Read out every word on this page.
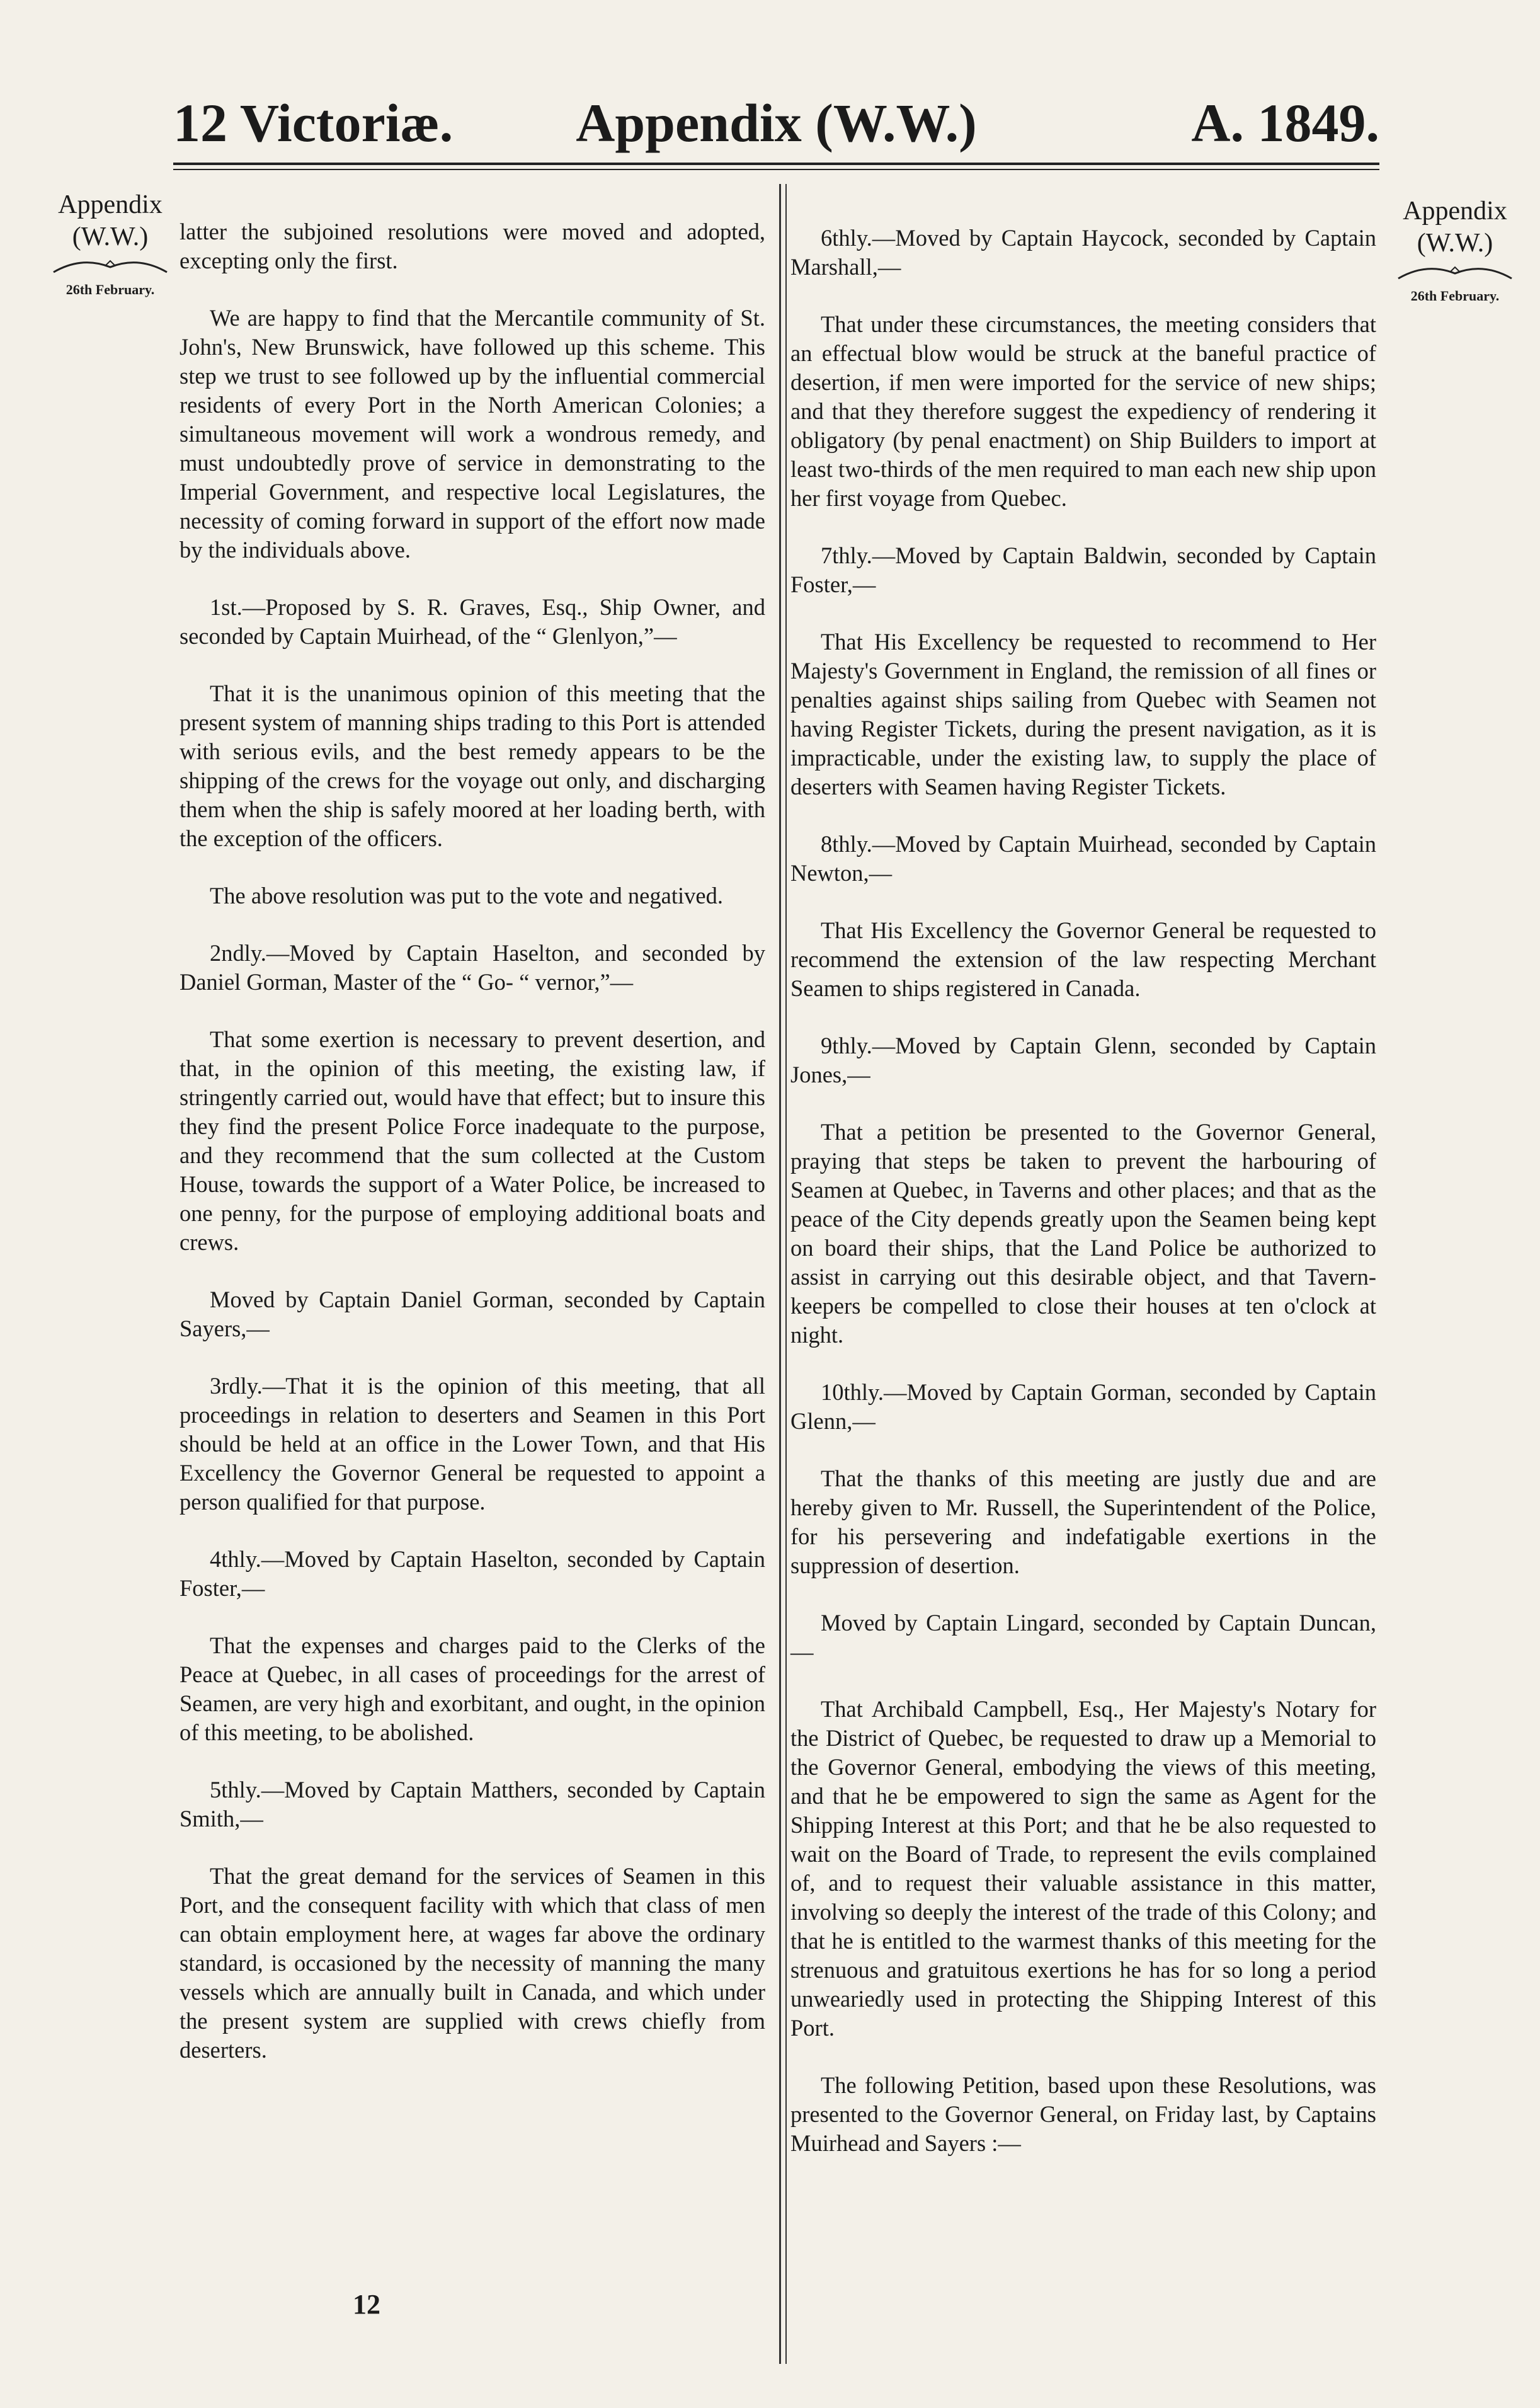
12 Victoriæ.	Appendix (W.W.)	A. 1849.
Appendix
(W.W.)
26th February.
Appendix
(W.W.)
26th February.

latter the subjoined resolutions were moved and adopted, excepting only the first.

We are happy to find that the Mercantile community of St. John's, New Brunswick, have followed up this scheme. This step we trust to see followed up by the influential commercial residents of every Port in the North American Colonies; a simultaneous movement will work a wondrous remedy, and must undoubtedly prove of service in demonstrating to the Imperial Government, and respective local Legislatures, the necessity of coming forward in support of the effort now made by the individuals above.

1st.—Proposed by S. R. Graves, Esq., Ship Owner, and seconded by Captain Muirhead, of the “ Glenlyon,”—

That it is the unanimous opinion of this meeting that the present system of manning ships trading to this Port is attended with serious evils, and the best remedy appears to be the shipping of the crews for the voyage out only, and discharging them when the ship is safely moored at her loading berth, with the exception of the officers.

The above resolution was put to the vote and negatived.

2ndly.—Moved by Captain Haselton, and seconded by Daniel Gorman, Master of the “ Go- “ vernor,”—

That some exertion is necessary to prevent desertion, and that, in the opinion of this meeting, the existing law, if stringently carried out, would have that effect; but to insure this they find the present Police Force inadequate to the purpose, and they recommend that the sum collected at the Custom House, towards the support of a Water Police, be increased to one penny, for the purpose of employing additional boats and crews.

Moved by Captain Daniel Gorman, seconded by Captain Sayers,—

3rdly.—That it is the opinion of this meeting, that all proceedings in relation to deserters and Seamen in this Port should be held at an office in the Lower Town, and that His Excellency the Governor General be requested to appoint a person qualified for that purpose.

4thly.—Moved by Captain Haselton, seconded by Captain Foster,—

That the expenses and charges paid to the Clerks of the Peace at Quebec, in all cases of proceedings for the arrest of Seamen, are very high and exorbitant, and ought, in the opinion of this meeting, to be abolished.

5thly.—Moved by Captain Matthers, seconded by Captain Smith,—

That the great demand for the services of Seamen in this Port, and the consequent facility with which that class of men can obtain employment here, at wages far above the ordinary standard, is occasioned by the necessity of manning the many vessels which are annually built in Canada, and which under the present system are supplied with crews chiefly from deserters.

6thly.—Moved by Captain Haycock, seconded by Captain Marshall,—

That under these circumstances, the meeting considers that an effectual blow would be struck at the baneful practice of desertion, if men were imported for the service of new ships; and that they therefore suggest the expediency of rendering it obligatory (by penal enactment) on Ship Builders to import at least two-thirds of the men required to man each new ship upon her first voyage from Quebec.

7thly.—Moved by Captain Baldwin, seconded by Captain Foster,—

That His Excellency be requested to recommend to Her Majesty's Government in England, the remission of all fines or penalties against ships sailing from Quebec with Seamen not having Register Tickets, during the present navigation, as it is impracticable, under the existing law, to supply the place of deserters with Seamen having Register Tickets.

8thly.—Moved by Captain Muirhead, seconded by Captain Newton,—

That His Excellency the Governor General be requested to recommend the extension of the law respecting Merchant Seamen to ships registered in Canada.

9thly.—Moved by Captain Glenn, seconded by Captain Jones,—

That a petition be presented to the Governor General, praying that steps be taken to prevent the harbouring of Seamen at Quebec, in Taverns and other places; and that as the peace of the City depends greatly upon the Seamen being kept on board their ships, that the Land Police be authorized to assist in carrying out this desirable object, and that Tavern-keepers be compelled to close their houses at ten o'clock at night.

10thly.—Moved by Captain Gorman, seconded by Captain Glenn,—

That the thanks of this meeting are justly due and are hereby given to Mr. Russell, the Superintendent of the Police, for his persevering and indefatigable exertions in the suppression of desertion.

Moved by Captain Lingard, seconded by Captain Duncan,—

That Archibald Campbell, Esq., Her Majesty's Notary for the District of Quebec, be requested to draw up a Memorial to the Governor General, embodying the views of this meeting, and that he be empowered to sign the same as Agent for the Shipping Interest at this Port; and that he be also requested to wait on the Board of Trade, to represent the evils complained of, and to request their valuable assistance in this matter, involving so deeply the interest of the trade of this Colony; and that he is entitled to the warmest thanks of this meeting for the strenuous and gratuitous exertions he has for so long a period unweariedly used in protecting the Shipping Interest of this Port.

The following Petition, based upon these Resolutions, was presented to the Governor General, on Friday last, by Captains Muirhead and Sayers :—

12
